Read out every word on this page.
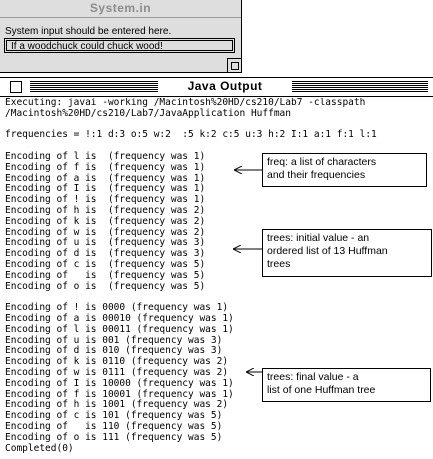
System.in
System input should be entered here.
If a woodchuck could chuck wood!
Java Output
Executing: javai -working /Macintosh%20HD/cs210/Lab7 -classpath
/Macintosh%20HD/cs210/Lab7/JavaApplication Huffman

frequencies = !:1 d:3 o:5 w:2  :5 k:2 c:5 u:3 h:2 I:1 a:1 f:1 l:1

Encoding of l is  (frequency was 1)
Encoding of f is  (frequency was 1)
Encoding of a is  (frequency was 1)
Encoding of I is  (frequency was 1)
Encoding of ! is  (frequency was 1)
Encoding of h is  (frequency was 2)
Encoding of k is  (frequency was 2)
Encoding of w is  (frequency was 2)
Encoding of u is  (frequency was 3)
Encoding of d is  (frequency was 3)
Encoding of c is  (frequency was 5)
Encoding of   is  (frequency was 5)
Encoding of o is  (frequency was 5)

Encoding of ! is 0000 (frequency was 1)
Encoding of a is 00010 (frequency was 1)
Encoding of l is 00011 (frequency was 1)
Encoding of u is 001 (frequency was 3)
Encoding of d is 010 (frequency was 3)
Encoding of k is 0110 (frequency was 2)
Encoding of w is 0111 (frequency was 2)
Encoding of I is 10000 (frequency was 1)
Encoding of f is 10001 (frequency was 1)
Encoding of h is 1001 (frequency was 2)
Encoding of c is 101 (frequency was 5)
Encoding of   is 110 (frequency was 5)
Encoding of o is 111 (frequency was 5)
Completed(0)
freq: a list of characters
and their frequencies
trees: initial value - an
ordered list of 13 Huffman
trees
trees: final value - a
list of one Huffman tree
